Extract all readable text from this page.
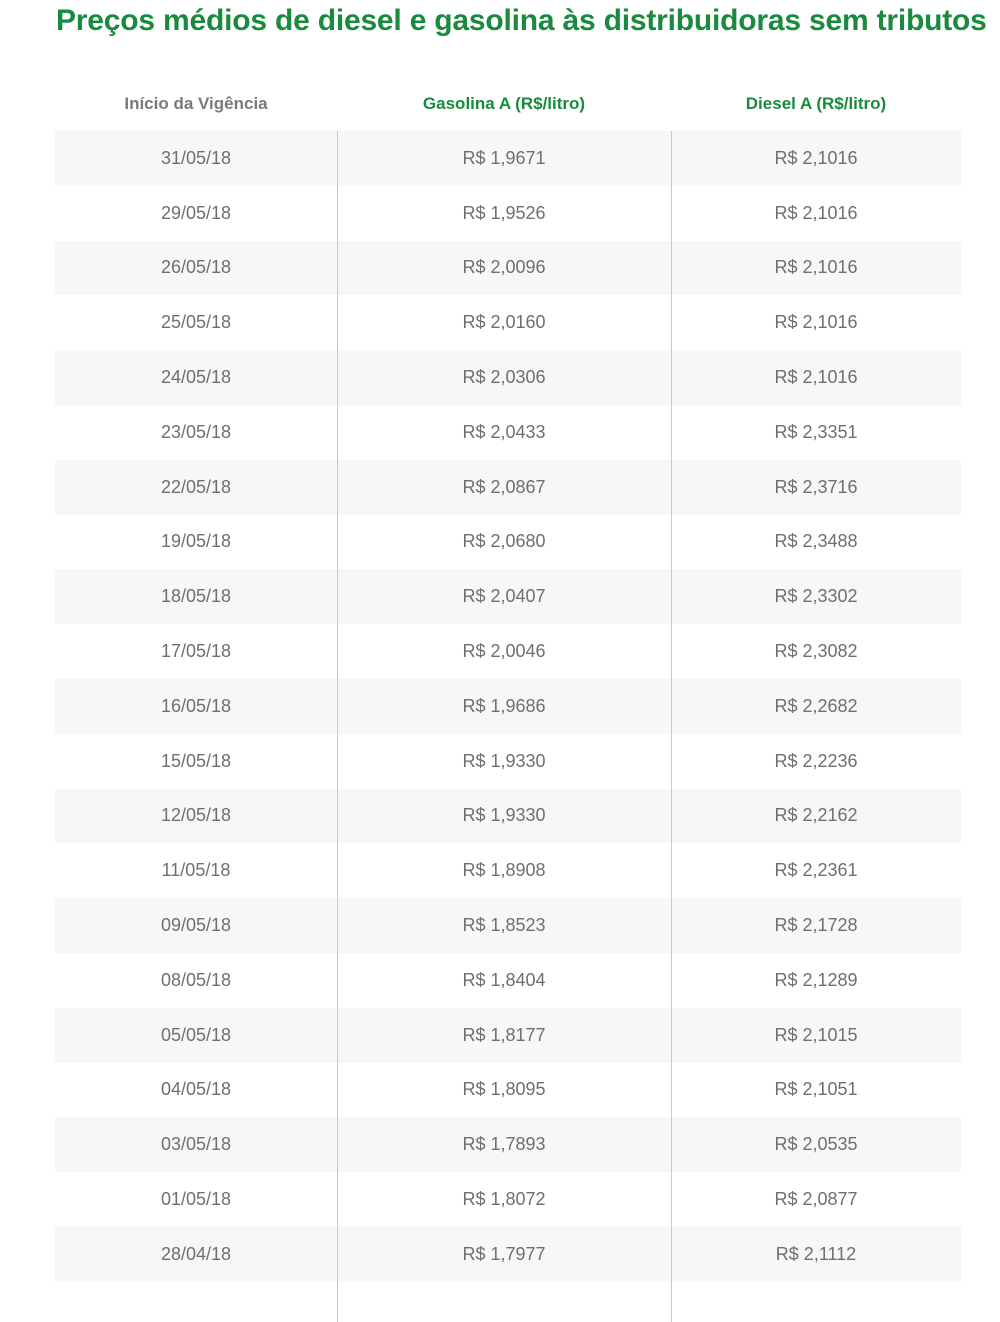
Preços médios de diesel e gasolina às distribuidoras sem tributos
Início da Vigência	Gasolina A (R$/litro)	Diesel A (R$/litro)
31/05/18	R$ 1,9671	R$ 2,1016
29/05/18	R$ 1,9526	R$ 2,1016
26/05/18	R$ 2,0096	R$ 2,1016
25/05/18	R$ 2,0160	R$ 2,1016
24/05/18	R$ 2,0306	R$ 2,1016
23/05/18	R$ 2,0433	R$ 2,3351
22/05/18	R$ 2,0867	R$ 2,3716
19/05/18	R$ 2,0680	R$ 2,3488
18/05/18	R$ 2,0407	R$ 2,3302
17/05/18	R$ 2,0046	R$ 2,3082
16/05/18	R$ 1,9686	R$ 2,2682
15/05/18	R$ 1,9330	R$ 2,2236
12/05/18	R$ 1,9330	R$ 2,2162
11/05/18	R$ 1,8908	R$ 2,2361
09/05/18	R$ 1,8523	R$ 2,1728
08/05/18	R$ 1,8404	R$ 2,1289
05/05/18	R$ 1,8177	R$ 2,1015
04/05/18	R$ 1,8095	R$ 2,1051
03/05/18	R$ 1,7893	R$ 2,0535
01/05/18	R$ 1,8072	R$ 2,0877
28/04/18	R$ 1,7977	R$ 2,1112
